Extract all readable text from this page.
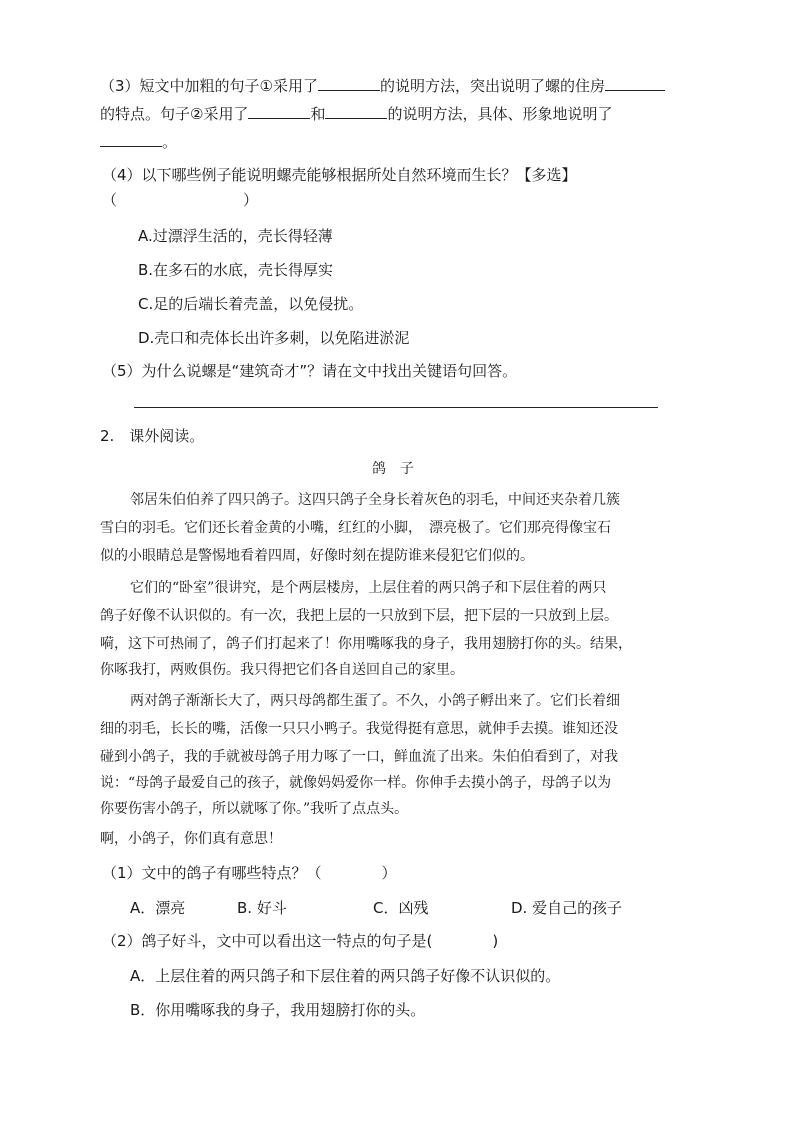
（3）短文中加粗的句子①采用了	的说明方法，突出说明了螺的住房
的特点。句子②采用了	和	的说明方法，具体、形象地说明了
。
（4）以下哪些例子能说明螺壳能够根据所处自然环境而生长？【多选】
（	）
A.过漂浮生活的，壳长得轻薄
B.在多石的水底，壳长得厚实
C.足的后端长着壳盖，以免侵扰。
D.壳口和壳体长出许多刺，以免陷进淤泥
（5）为什么说螺是“建筑奇才”？请在文中找出关键语句回答。
2.　课外阅读。
鸽　子
邻居朱伯伯养了四只鸽子。这四只鸽子全身长着灰色的羽毛，中间还夹杂着几簇
雪白的羽毛。它们还长着金黄的小嘴，红红的小脚，　漂亮极了。它们那亮得像宝石
似的小眼睛总是警惕地看着四周，好像时刻在提防谁来侵犯它们似的。
它们的“卧室”很讲究，是个两层楼房，上层住着的两只鸽子和下层住着的两只
鸽子好像不认识似的。有一次，我把上层的一只放到下层，把下层的一只放到上层。
嗬，这下可热闹了，鸽子们打起来了！你用嘴啄我的身子，我用翅膀打你的头。结果，
你啄我打，两败俱伤。我只得把它们各自送回自己的家里。
两对鸽子渐渐长大了，两只母鸽都生蛋了。不久，小鸽子孵出来了。它们长着细
细的羽毛，长长的嘴，活像一只只小鸭子。我觉得挺有意思，就伸手去摸。谁知还没
碰到小鸽子，我的手就被母鸽子用力啄了一口，鲜血流了出来。朱伯伯看到了，对我
说：“母鸽子最爱自己的孩子，就像妈妈爱你一样。你伸手去摸小鸽子，母鸽子以为
你要伤害小鸽子，所以就啄了你。”我听了点点头。
啊，小鸽子，你们真有意思！
（1）文中的鸽子有哪些特点？（　　　　）
A．漂亮	B. 好斗	C．凶残	D. 爱自己的孩子
（2）鸽子好斗，文中可以看出这一特点的句子是(　　　　)
A．上层住着的两只鸽子和下层住着的两只鸽子好像不认识似的。
B．你用嘴啄我的身子，我用翅膀打你的头。
